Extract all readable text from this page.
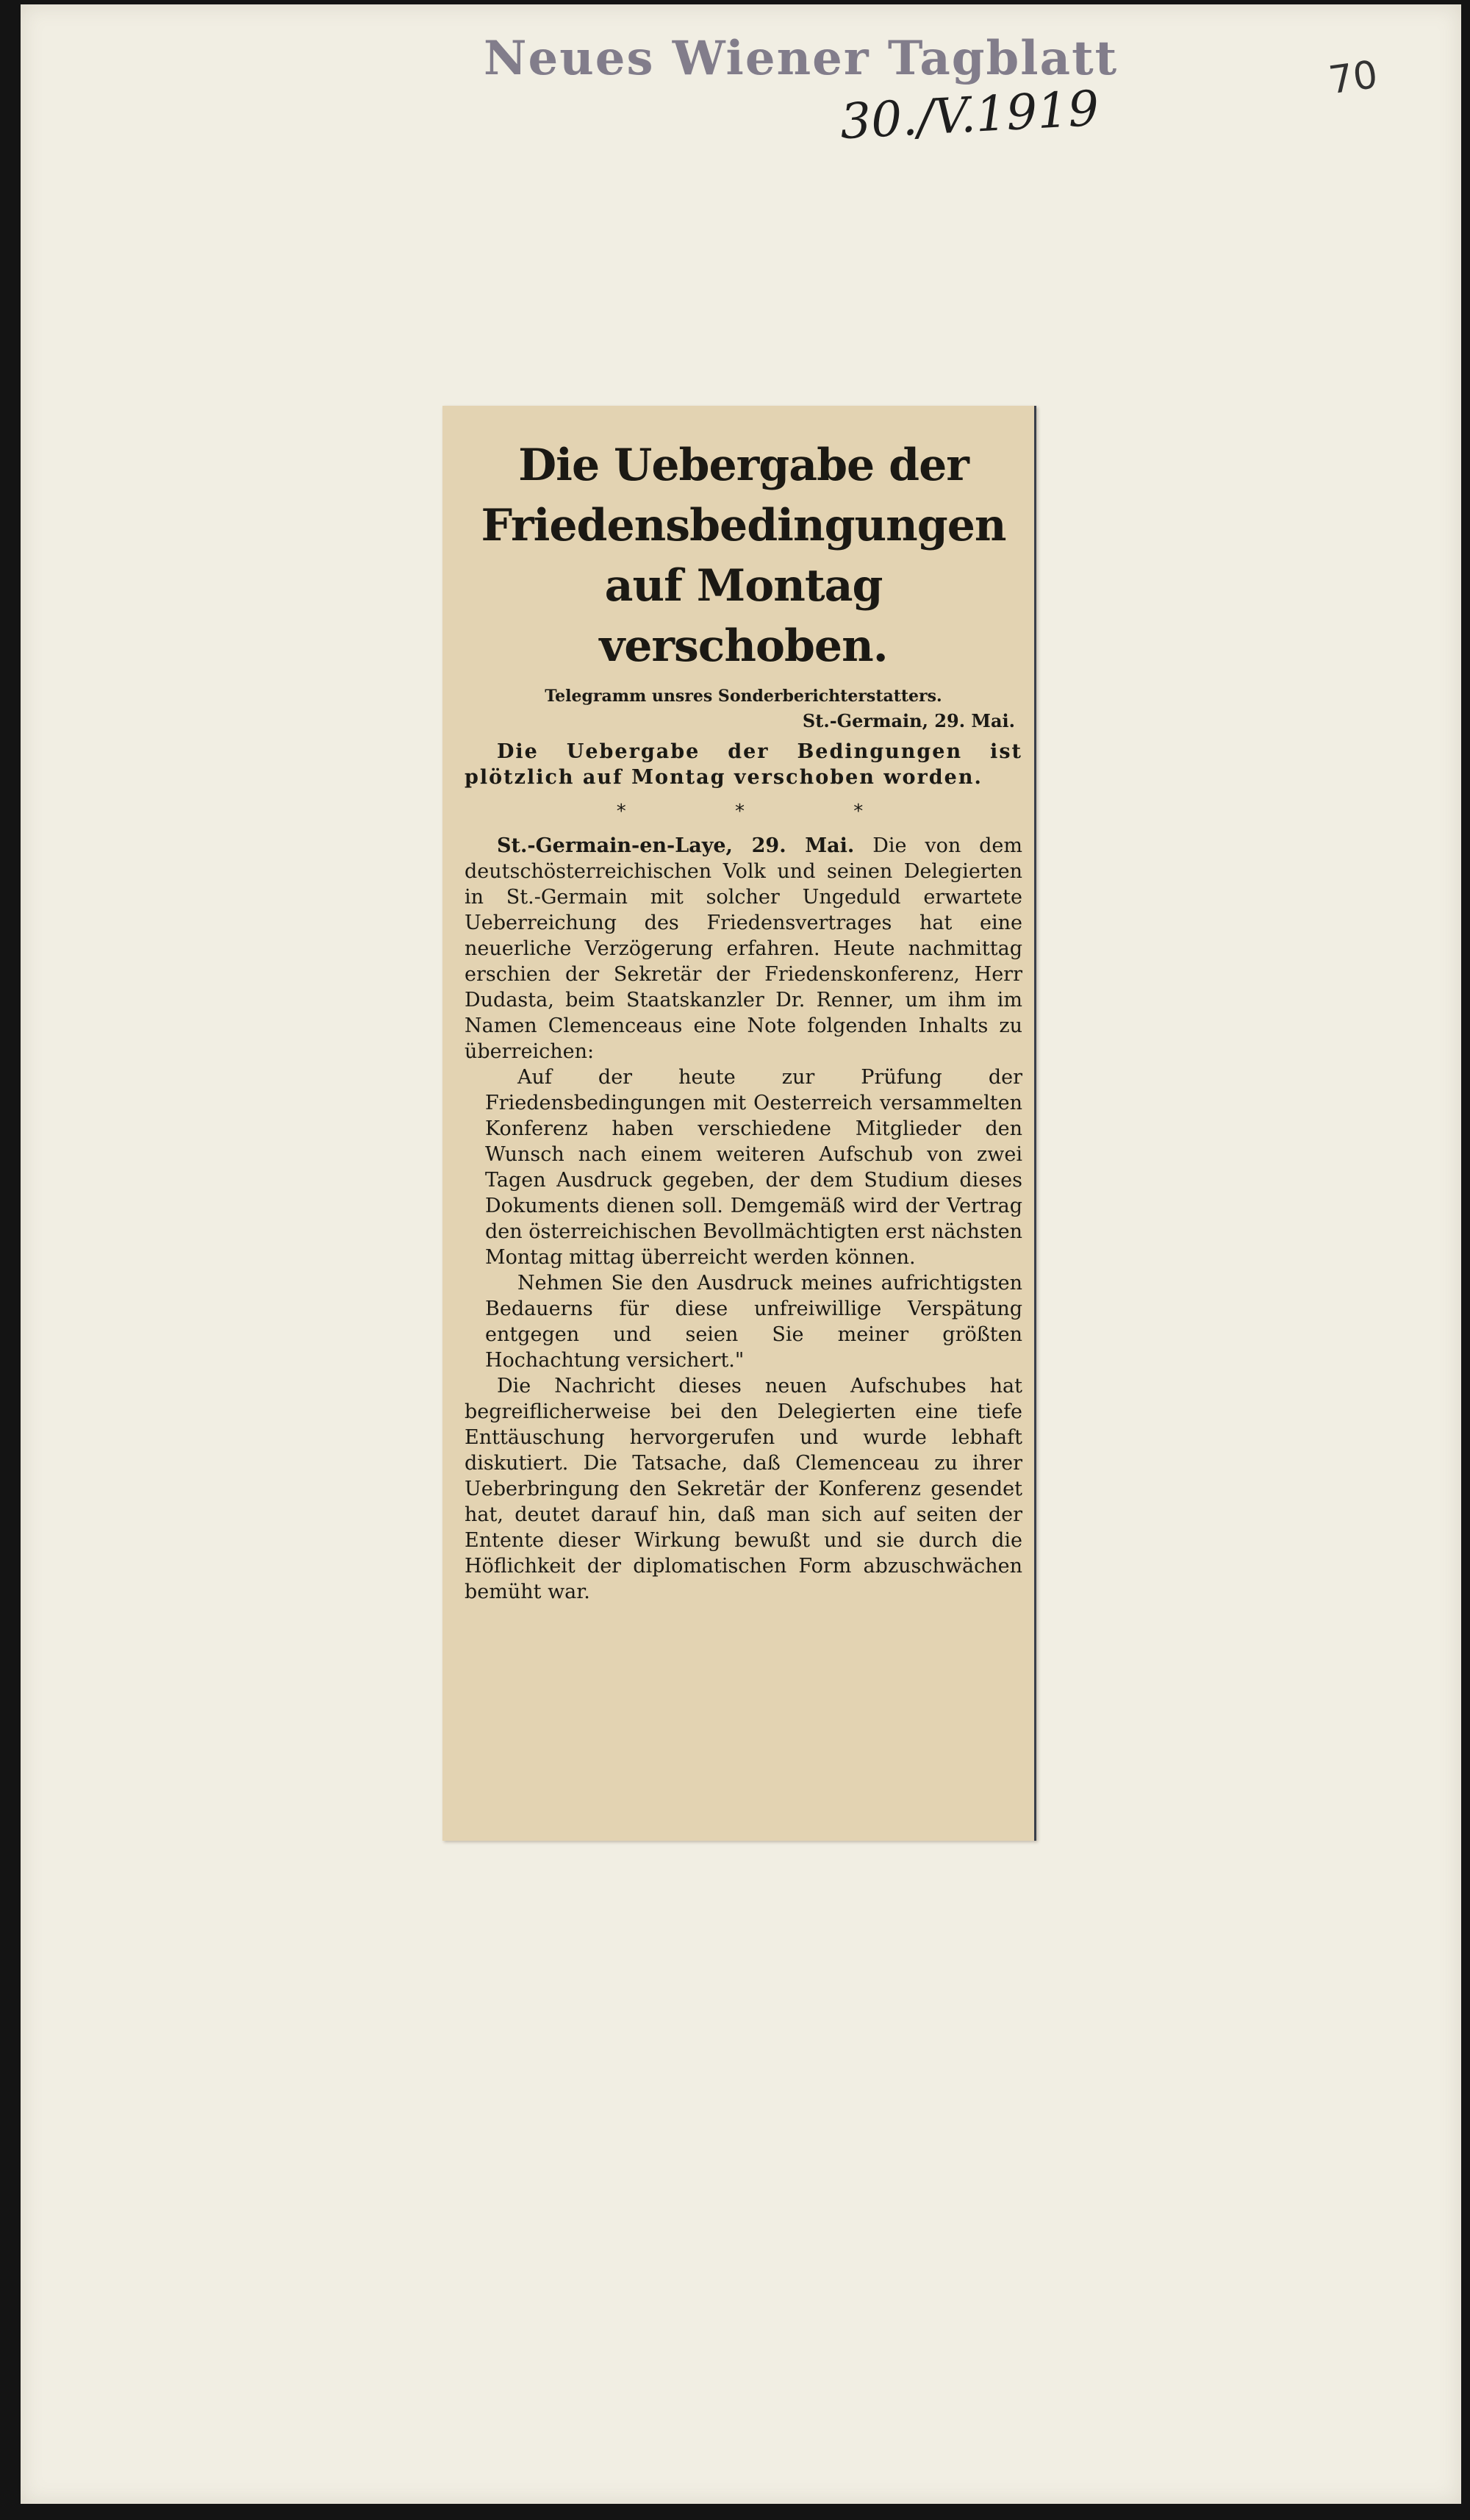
Neues Wiener Tagblatt
30./V.1919
70
Die Uebergabe der
Friedensbedingungen
auf Montag verschoben.
Telegramm unsres Sonderberichterstatters.
St.-Germain, 29. Mai.

Die Uebergabe der Bedingungen ist plötzlich auf Montag verschoben worden.

* * *

St.-Germain-en-Laye, 29. Mai. Die von dem deutschösterreichischen Volk und seinen Delegierten in St.-Germain mit solcher Ungeduld erwartete Ueberreichung des Friedensvertrages hat eine neuerliche Verzögerung erfahren. Heute nachmittag erschien der Sekretär der Friedenskonferenz, Herr Dudasta, beim Staatskanzler Dr. Renner, um ihm im Namen Clemenceaus eine Note folgenden Inhalts zu überreichen:

Auf der heute zur Prüfung der Friedensbedingungen mit Oesterreich versammelten Konferenz haben verschiedene Mitglieder den Wunsch nach einem weiteren Aufschub von zwei Tagen Ausdruck gegeben, der dem Studium dieses Dokuments dienen soll. Demgemäß wird der Vertrag den österreichischen Bevollmächtigten erst nächsten Montag mittag überreicht werden können.

Nehmen Sie den Ausdruck meines aufrichtigsten Bedauerns für diese unfreiwillige Verspätung entgegen und seien Sie meiner größten Hochachtung versichert."

Die Nachricht dieses neuen Aufschubes hat begreiflicherweise bei den Delegierten eine tiefe Enttäuschung hervorgerufen und wurde lebhaft diskutiert. Die Tatsache, daß Clemenceau zu ihrer Ueberbringung den Sekretär der Konferenz gesendet hat, deutet darauf hin, daß man sich auf seiten der Entente dieser Wirkung bewußt und sie durch die Höflichkeit der diplomatischen Form abzuschwächen bemüht war.
